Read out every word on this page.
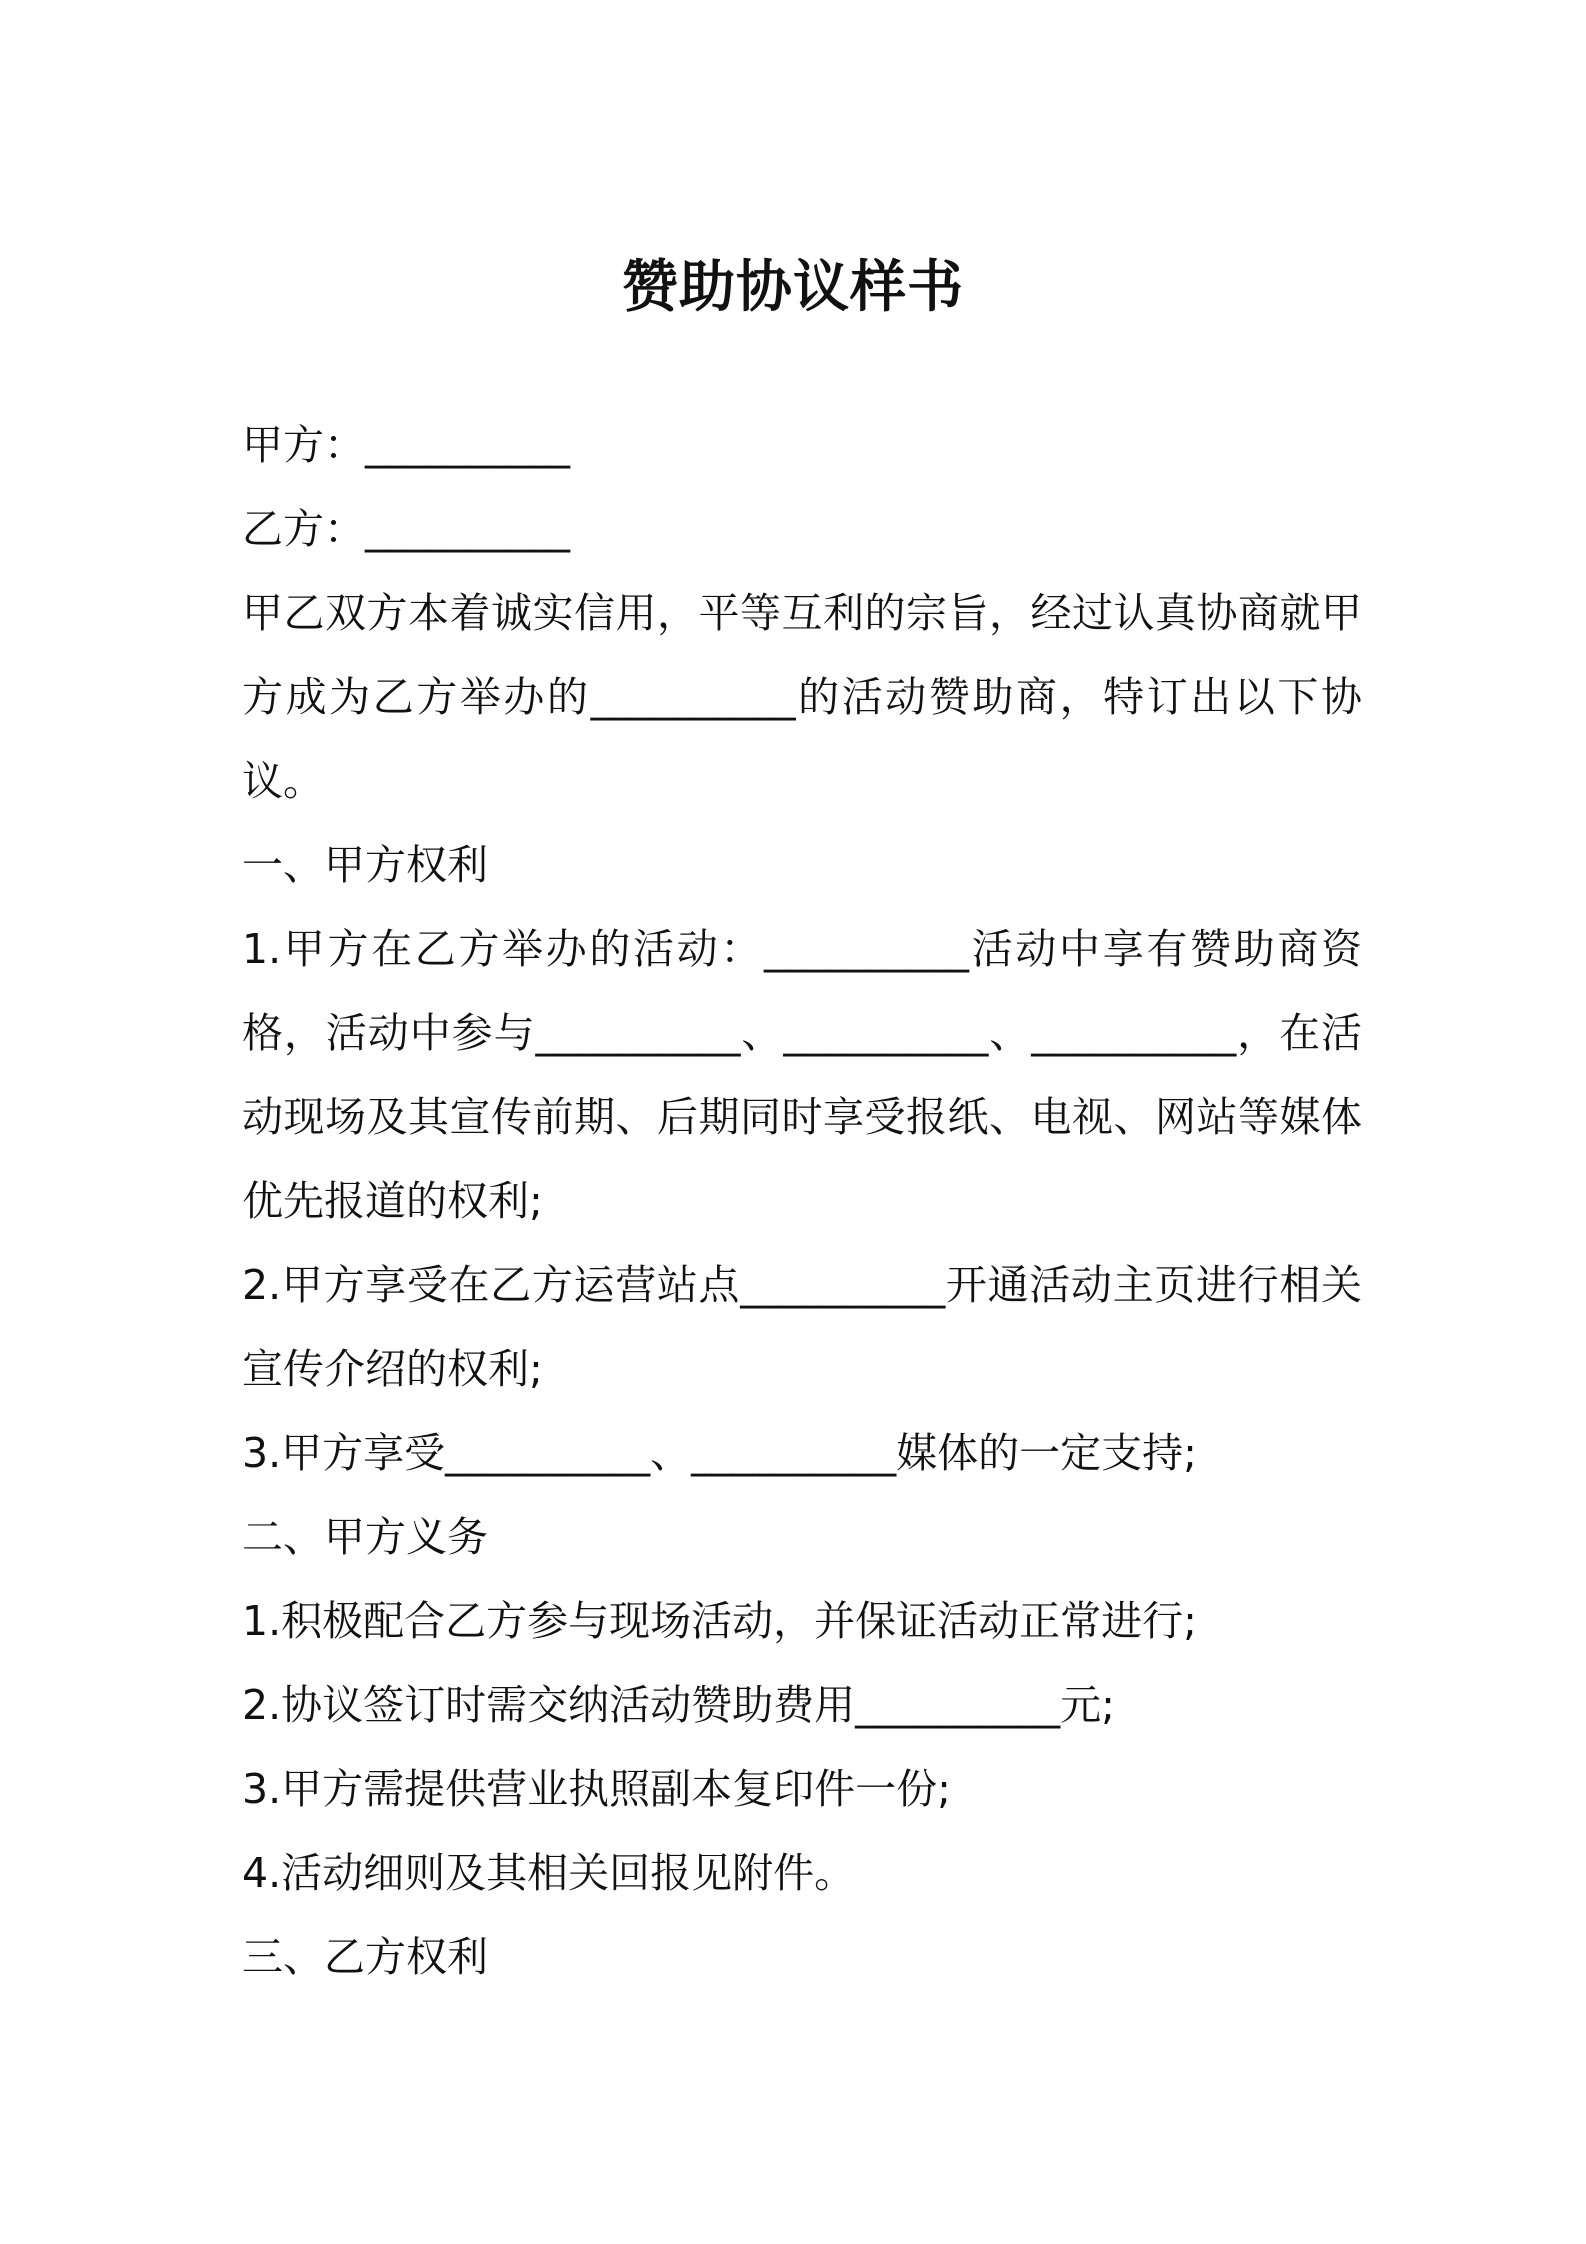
赞助协议样书
甲方：__________
乙方：__________
甲乙双方本着诚实信用，平等互利的宗旨，经过认真协商就甲方成为乙方举办的__________的活动赞助商，特订出以下协议。
一、甲方权利
1.甲方在乙方举办的活动：__________活动中享有赞助商资格，活动中参与__________、__________、__________，在活动现场及其宣传前期、后期同时享受报纸、电视、网站等媒体优先报道的权利;
2.甲方享受在乙方运营站点__________开通活动主页进行相关宣传介绍的权利;
3.甲方享受__________、__________媒体的一定支持;
二、甲方义务
1.积极配合乙方参与现场活动，并保证活动正常进行;
2.协议签订时需交纳活动赞助费用__________元;
3.甲方需提供营业执照副本复印件一份;
4.活动细则及其相关回报见附件。
三、乙方权利
